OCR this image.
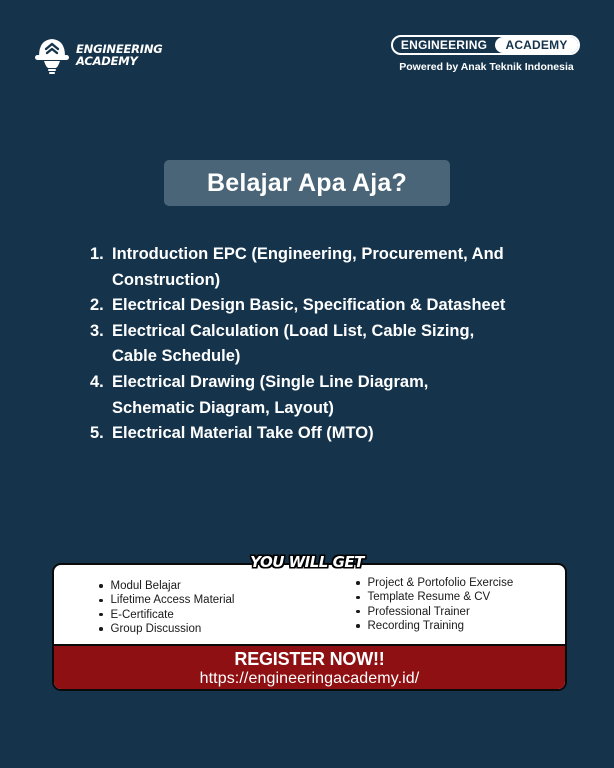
ENGINEERING
ACADEMY
ENGINEERING	ACADEMY
Powered by Anak Teknik Indonesia
Belajar Apa Aja?
1. Introduction EPC (Engineering, Procurement, And
Construction)
2. Electrical Design Basic, Specification & Datasheet
3. Electrical Calculation (Load List, Cable Sizing,
Cable Schedule)
4. Electrical Drawing (Single Line Diagram,
Schematic Diagram, Layout)
5. Electrical Material Take Off (MTO)
Modul Belajar
Lifetime Access Material
E-Certificate
Group Discussion
Project & Portofolio Exercise
Template Resume & CV
Professional Trainer
Recording Training
REGISTER NOW!!
https://engineeringacademy.id/
YOU WILL GET
